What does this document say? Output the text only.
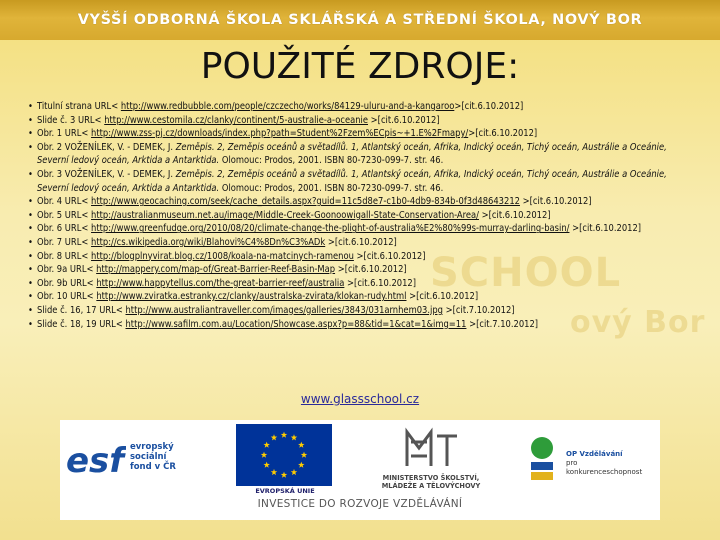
VYŠŠÍ ODBORNÁ ŠKOLA SKLÁŘSKÁ A STŘEDNÍ ŠKOLA, NOVÝ BOR
SCHOOL
ový Bor
POUŽITÉ ZDROJE:
• Titulní strana URL< http://www.redbubble.com/people/czczecho/works/84129-uluru-and-a-kangaroo>[cit.6.10.2012]
• Slide č. 3 URL< http://www.cestomila.cz/clanky/continent/5-australie-a-oceanie >[cit.6.10.2012]
• Obr. 1 URL< http://www.zss-pj.cz/downloads/index.php?path=Student%2Fzem%ECpis~+1.E%2Fmapy/>[cit.6.10.2012]
• Obr. 2 VOŽENÍLEK, V. - DEMEK, J. Zeměpis. 2, Zeměpis oceánů a světadílů. 1, Atlantský oceán, Afrika, Indický oceán, Tichý oceán, Austrálie a Oceánie, Severní ledový oceán, Arktida a Antarktida. Olomouc: Prodos, 2001. ISBN 80-7230-099-7. str. 46.
• Obr. 3 VOŽENÍLEK, V. - DEMEK, J. Zeměpis. 2, Zeměpis oceánů a světadílů. 1, Atlantský oceán, Afrika, Indický oceán, Tichý oceán, Austrálie a Oceánie, Severní ledový oceán, Arktida a Antarktida. Olomouc: Prodos, 2001. ISBN 80-7230-099-7. str. 46.
• Obr. 4 URL< http://www.geocaching.com/seek/cache_details.aspx?guid=11c5d8e7-c1b0-4db9-834b-0f3d48643212 >[cit.6.10.2012]
• Obr. 5 URL< http://australianmuseum.net.au/image/Middle-Creek-Goonoowigall-State-Conservation-Area/ >[cit.6.10.2012]
• Obr. 6 URL< http://www.greenfudge.org/2010/08/20/climate-change-the-plight-of-australia%E2%80%99s-murray-darling-basin/ >[cit.6.10.2012]
• Obr. 7 URL< http://cs.wikipedia.org/wiki/Blahovi%C4%8Dn%C3%ADk >[cit.6.10.2012]
• Obr. 8 URL< http://blogplnyvirat.blog.cz/1008/koala-na-matcinych-ramenou >[cit.6.10.2012]
• Obr. 9a URL< http://mappery.com/map-of/Great-Barrier-Reef-Basin-Map >[cit.6.10.2012]
• Obr. 9b URL< http://www.happytellus.com/the-great-barrier-reef/australia >[cit.6.10.2012]
• Obr. 10 URL< http://www.zviratka.estranky.cz/clanky/australska-zvirata/klokan-rudy.html >[cit.6.10.2012]
• Slide č. 16, 17 URL< http://www.australiantraveller.com/images/galleries/3843/031arnhem03.jpg >[cit.7.10.2012]
• Slide č. 18, 19 URL< http://www.safilm.com.au/Location/Showcase.aspx?p=88&tid=1&cat=1&img=11 >[cit.7.10.2012]
www.glassschool.cz
esf evropský
sociální
fond v ČR
EVROPSKÁ UNIE
MINISTERSTVO ŠKOLSTVÍ,
MLÁDEŽE A TĚLOVÝCHOVY
OP Vzdělávání
pro konkurenceschopnost
INVESTICE DO ROZVOJE VZDĚLÁVÁNÍ
